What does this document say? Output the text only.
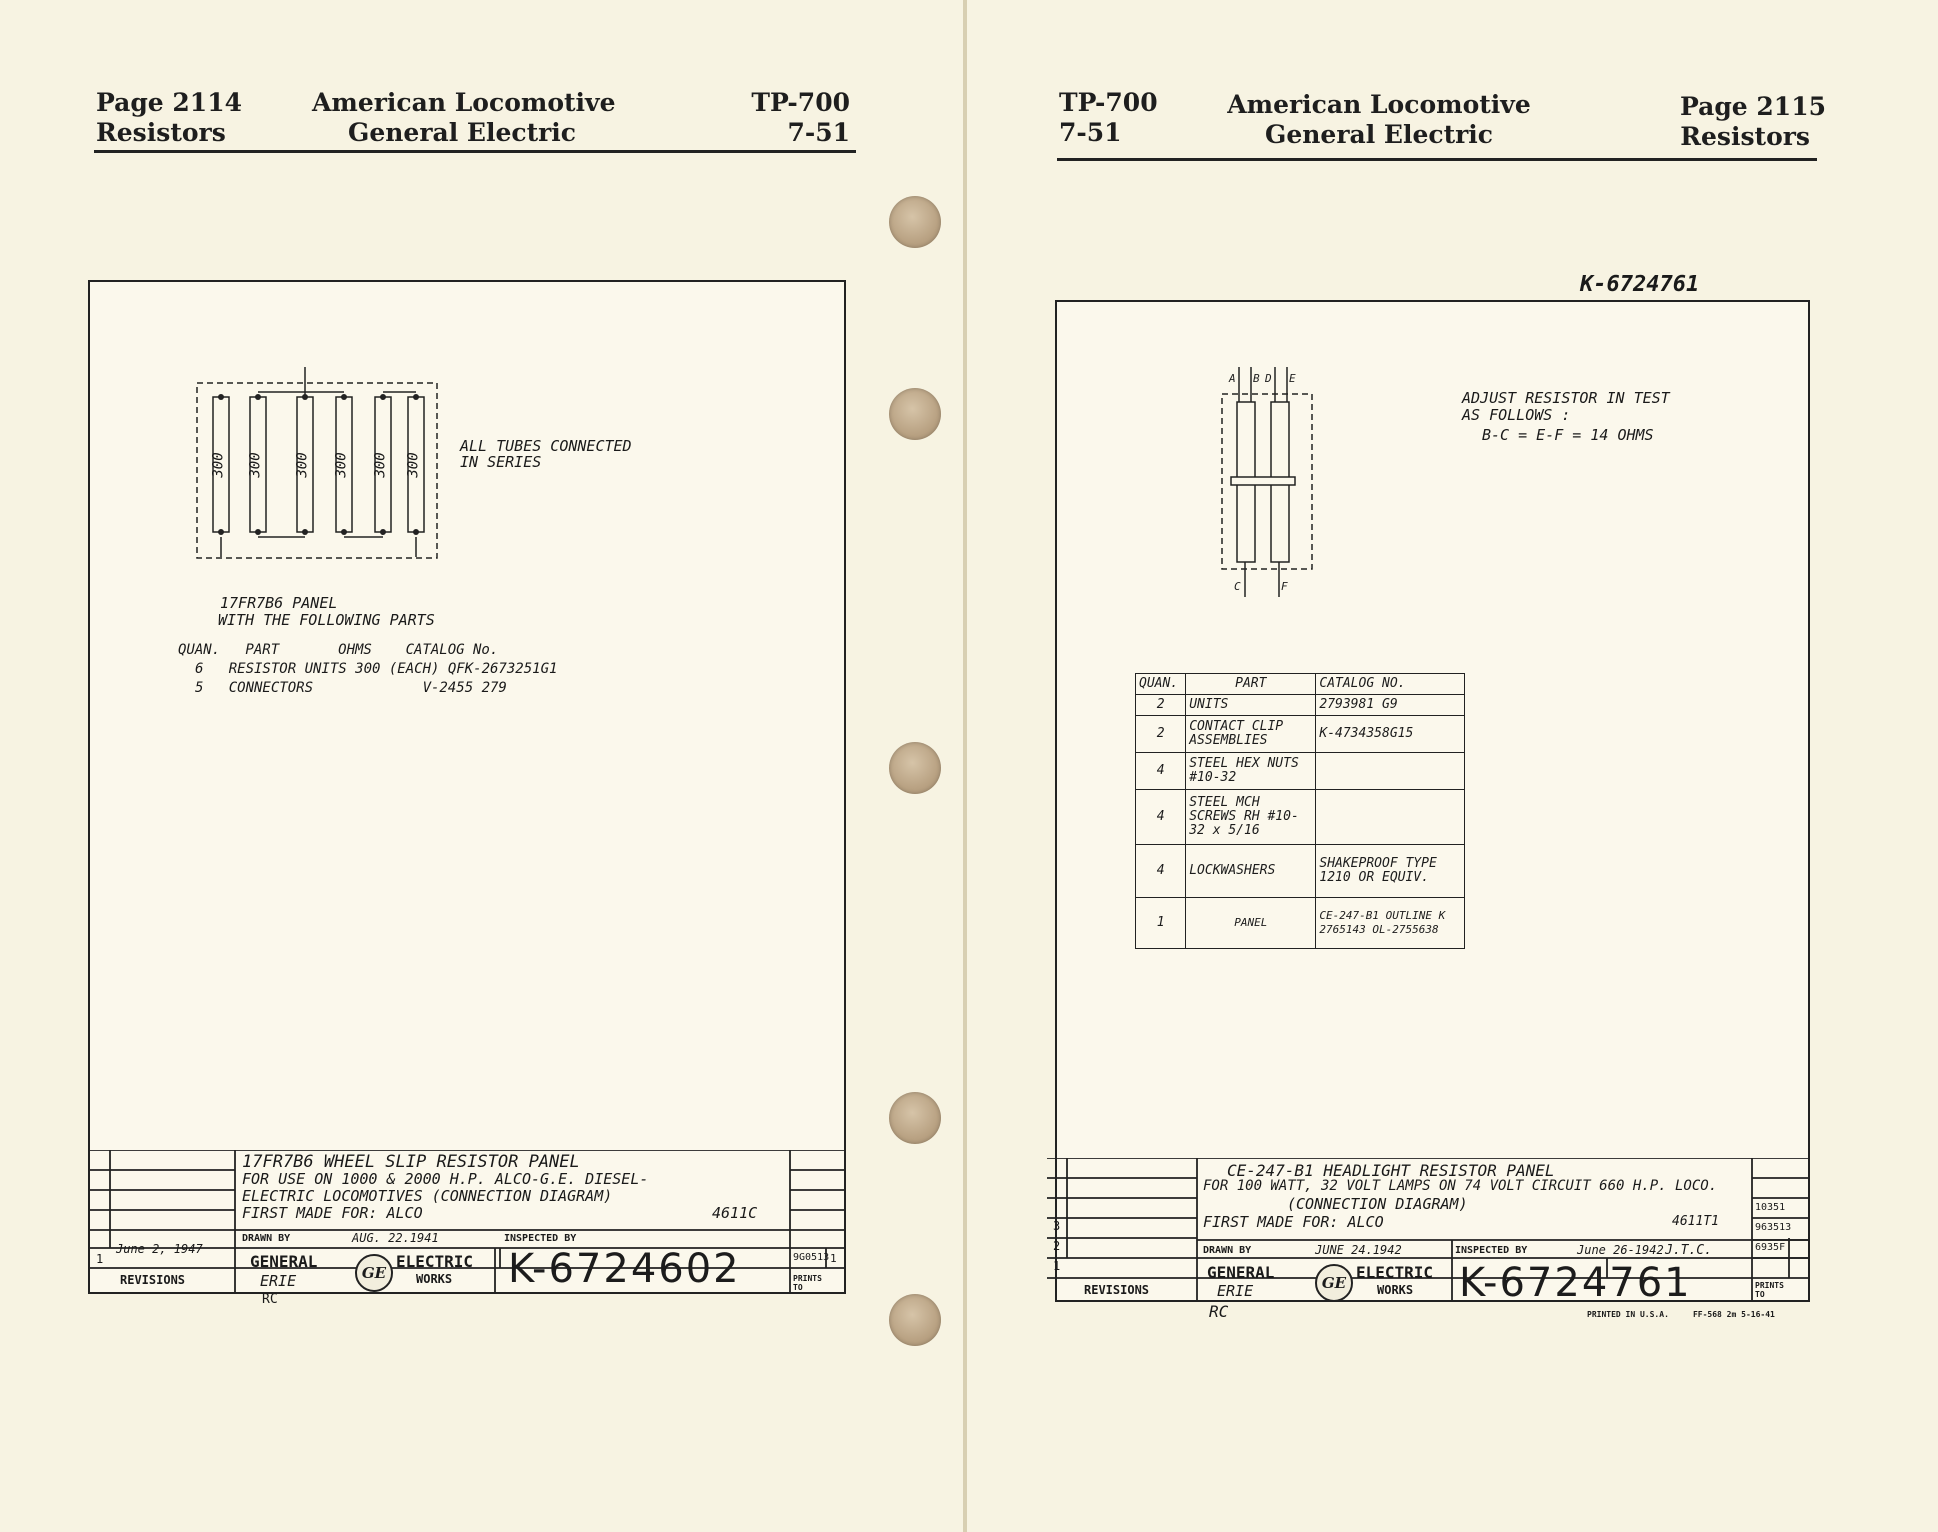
Page 2114
Resistors
American Locomotive
General Electric
TP-700
7-51
300 300 300 300 300 300
ALL TUBES CONNECTED
IN SERIES
17FR7B6 PANEL
WITH THE FOLLOWING PARTS
QUAN.   PART       OHMS    CATALOG No.
6   RESISTOR UNITS 300 (EACH) QFK-2673251G1
5   CONNECTORS             V-2455 279
17FR7B6 WHEEL SLIP RESISTOR PANEL
FOR USE ON 1000 & 2000 H.P. ALCO-G.E. DIESEL-
ELECTRIC LOCOMOTIVES (CONNECTION DIAGRAM)
FIRST MADE FOR: ALCO	4611C
DRAWN BY	AUG. 22.1941	INSPECTED BY
1
June 2, 1947
REVISIONS
GENERAL
ERIE	GE
ELECTRIC
WORKS K-6724602	9G0513 1
PRINTS TO
RC
TP-700
7-51
American Locomotive
General Electric
Page 2115
Resistors
K-6724761
A B D E
C	F
ADJUST RESISTOR IN TEST
AS FOLLOWS :
B-C = E-F = 14 OHMS
QUAN.	PART	CATALOG NO.
2	UNITS	2793981 G9
2	CONTACT CLIP ASSEMBLIES	K-4734358G15
4	STEEL HEX NUTS #10-32	
4	STEEL MCH SCREWS RH #10-32 x 5/16	
4	LOCKWASHERS	SHAKEPROOF TYPE 1210 OR EQUIV.
1	PANEL	CE-247-B1 OUTLINE K 2765143 OL-2755638
CE-247-B1 HEADLIGHT RESISTOR PANEL
FOR 100 WATT, 32 VOLT LAMPS ON 74 VOLT CIRCUIT 660 H.P. LOCO.
(CONNECTION DIAGRAM)
FIRST MADE FOR: ALCO	4611T1
DRAWN BY	JUNE 24.1942	INSPECTED BY	June 26-1942 J.T.C.
3
2
1
REVISIONS
GENERAL
ERIE	GE
ELECTRIC
WORKS K-6724761
10351
963513
6935F
PRINTS TO
RC	PRINTED IN U.S.A.     FF-568 2m 5-16-41
